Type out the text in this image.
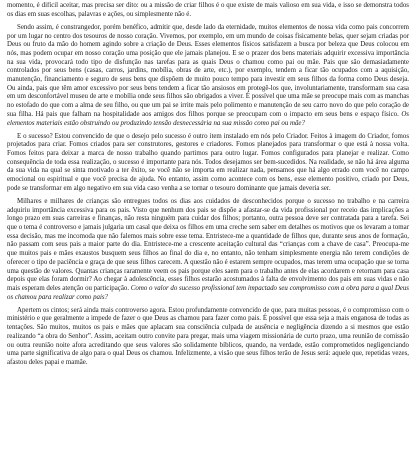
momento, é difícil aceitar, mas precisa ser dito: ou a missão de criar filhos é o que existe de mais valioso em sua vida, e isso se demonstra todos os dias em suas escolhas, palavras e ações, ou simplesmente não é.

Sendo assim, é constrangedor, porém benéfico, admitir que, desde lado da eternidade, muitos elementos de nossa vida como pais concorrem por um lugar no centro dos tesouros de nosso coração. Vivemos, por exemplo, em um mundo de coisas fisicamente belas, quer sejam criadas por Deus ou fruto da mão do homem agindo sobre a criação de Deus. Esses elementos físicos satisfazem a busca por beleza que Deus colocou em nós, mas podem ocupar em nosso coração uma posição que ele jamais planejou. E se o prazer dos bens materiais adquirir excessiva importância na sua vida, provocará todo tipo de disfunção nas tarefas para as quais Deus o chamou como pai ou mãe. Pais que são demasiadamente controlados por seus bens (casas, carros, jardins, mobília, obras de arte, etc.), por exemplo, tendem a ficar tão ocupados com a aquisição, manutenção, financiamento e seguro de seus bens que dispõem de muito pouco tempo para investir em seus filhos da forma como Deus deseja. Ou ainda, pais que têm amor excessivo por seus bens tendem a ficar tão ansiosos em protegê-los que, involuntariamente, transformam sua casa em um desconfortável museu de arte e mobília onde seus filhos são obrigados a viver. É possível que uma mãe se preocupe mais com as manchas no estofado do que com a alma de seu filho, ou que um pai se irrite mais pelo polimento e manutenção de seu carro novo do que pelo coração de sua filha. Há pais que falham na hospitalidade aos amigos dos filhos porque se preocupam com o impacto em seus bens e espaço físico. Os elementos materiais estão obstruindo ou produzindo tensão desnecessária na sua missão como pai ou mãe?

E o sucesso? Estou convencido de que o desejo pelo sucesso é outro item instalado em nós pelo Criador. Feitos à imagem do Criador, fomos projetados para criar. Fomos criados para ser construtores, gestores e criadores. Fomos planejados para transformar o que está à nossa volta. Fomos feitos para deixar a marca de nosso trabalho quando partimos para outro lugar. Fomos configurados para planejar e realizar. Como consequência de toda essa realização, o sucesso é importante para nós. Todos desejamos ser bem-sucedidos. Na realidade, se não há área alguma da sua vida na qual se sinta motivado a ter êxito, se você não se importa em realizar nada, pensamos que há algo errado com você no campo emocional ou espiritual e que você precisa de ajuda. No entanto, assim como acontece com os bens, esse elemento positivo, criado por Deus, pode se transformar em algo negativo em sua vida caso venha a se tornar o tesouro dominante que jamais deveria ser.

Milhares e milhares de crianças são entregues todos os dias aos cuidados de desconhecidos porque o sucesso no trabalho e na carreira adquiriu importância excessiva para os pais. Visto que nenhum dos pais se dispõe a afastar-se da vida profissional por receio das implicações a longo prazo em suas carreiras e finanças, não resta ninguém para cuidar dos filhos; portanto, outra pessoa deve ser contratada para a tarefa. Sei que o tema é controverso e jamais julgaria um casal que deixa os filhos em uma creche sem saber em detalhes os motivos que os levaram a tomar essa decisão, mas me incomoda que não falemos mais sobre esse tema. Entristece-me a quantidade de filhos que, durante seus anos de formação, não passam com seus pais a maior parte do dia. Entristece-me a crescente aceitação cultural das “crianças com a chave de casa”. Preocupa-me que muitos pais e mães exaustos busquem seus filhos ao final do dia e, no entanto, não tenham simplesmente energia não terem condições de oferecer o tipo de paciência e graça de que seus filhos carecem. A questão não é estarem sempre ocupados, mas terem uma ocupação que se torna uma questão de valores. Quantas crianças raramente veem os pais porque eles saem para o trabalho antes de elas acordarem e retornam para casa depois que elas foram dormir? Ao chegar à adolescência, esses filhos estarão acostumados à falta de envolvimento dos pais em suas vidas e não mais esperam deles atenção ou participação. Como o valor do sucesso profissional tem impactado seu compromisso com a obra para a qual Deus os chamou para realizar como pais?

Apertem os cintos; será ainda mais controverso agora. Estou profundamente convencido de que, para muitas pessoas, é o compromisso com o ministério e que geralmente a impede de fazer o que Deus as chamou para fazer como pais. É possível que essa seja a mais enganosa de todas as tentações. São muitos, muitos os pais e mães que aplacam sua consciência culpada de ausência e negligência dizendo a si mesmos que estão realizando “a obra do Senhor”. Assim, aceitam outro convite para pregar, mais uma viagem missionária de curto prazo, uma reunião de comissão ou outra reunião noite afora acreditando que seus valores são solidamente bíblicos, quando, na verdade, estão comprometidos negligenciando uma parte significativa de algo para o qual Deus os chamou. Infelizmente, a visão que seus filhos terão de Jesus será: aquele que, repetidas vezes, afastou deles papai e mamãe.
